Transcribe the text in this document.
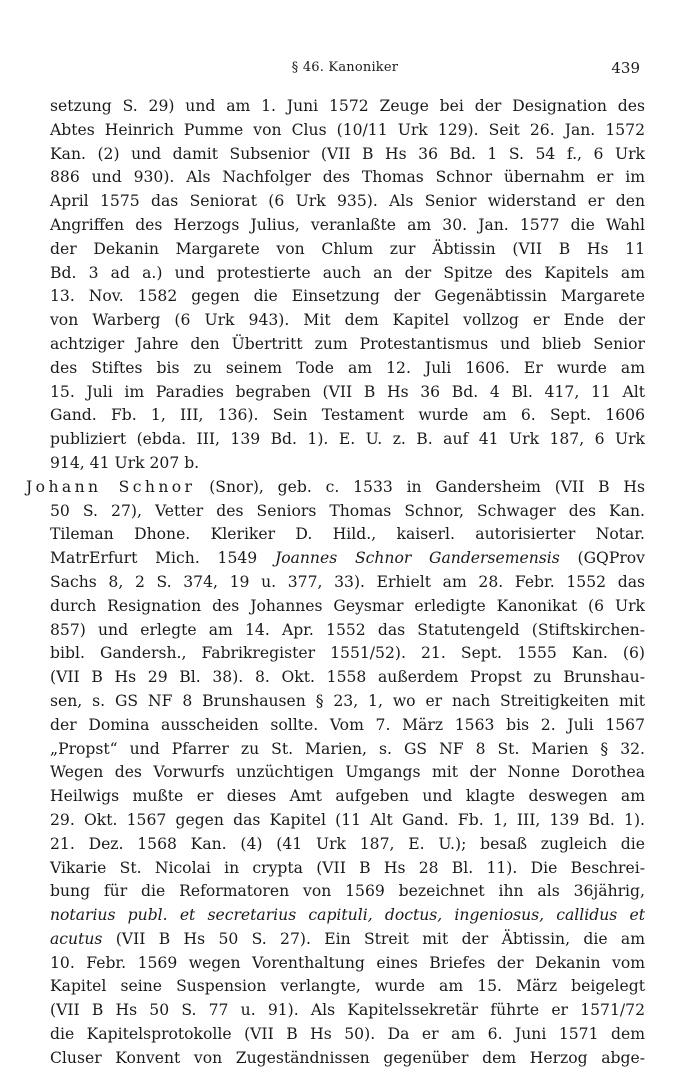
§ 46. Kanoniker	439
setzung S. 29) und am 1. Juni 1572 Zeuge bei der Designation des
Abtes Heinrich Pumme von Clus (10/11 Urk 129). Seit 26. Jan. 1572
Kan. (2) und damit Subsenior (VII B Hs 36 Bd. 1 S. 54 f., 6 Urk
886 und 930). Als Nachfolger des Thomas Schnor übernahm er im
April 1575 das Seniorat (6 Urk 935). Als Senior widerstand er den
Angriffen des Herzogs Julius, veranlaßte am 30. Jan. 1577 die Wahl
der Dekanin Margarete von Chlum zur Äbtissin (VII B Hs 11
Bd. 3 ad a.) und protestierte auch an der Spitze des Kapitels am
13. Nov. 1582 gegen die Einsetzung der Gegenäbtissin Margarete
von Warberg (6 Urk 943). Mit dem Kapitel vollzog er Ende der
achtziger Jahre den Übertritt zum Protestantismus und blieb Senior
des Stiftes bis zu seinem Tode am 12. Juli 1606. Er wurde am
15. Juli im Paradies begraben (VII B Hs 36 Bd. 4 Bl. 417, 11 Alt
Gand. Fb. 1, III, 136). Sein Testament wurde am 6. Sept. 1606
publiziert (ebda. III, 139 Bd. 1). E. U. z. B. auf 41 Urk 187, 6 Urk
914, 41 Urk 207 b.
Johann Schnor (Snor), geb. c. 1533 in Gandersheim (VII B Hs
50 S. 27), Vetter des Seniors Thomas Schnor, Schwager des Kan.
Tileman Dhone. Kleriker D. Hild., kaiserl. autorisierter Notar.
MatrErfurt Mich. 1549 Joannes Schnor Gandersemensis (GQProv
Sachs 8, 2 S. 374, 19 u. 377, 33). Erhielt am 28. Febr. 1552 das
durch Resignation des Johannes Geysmar erledigte Kanonikat (6 Urk
857) und erlegte am 14. Apr. 1552 das Statutengeld (Stiftskirchen-
bibl. Gandersh., Fabrikregister 1551/52). 21. Sept. 1555 Kan. (6)
(VII B Hs 29 Bl. 38). 8. Okt. 1558 außerdem Propst zu Brunshau-
sen, s. GS NF 8 Brunshausen § 23, 1, wo er nach Streitigkeiten mit
der Domina ausscheiden sollte. Vom 7. März 1563 bis 2. Juli 1567
„Propst“ und Pfarrer zu St. Marien, s. GS NF 8 St. Marien § 32.
Wegen des Vorwurfs unzüchtigen Umgangs mit der Nonne Dorothea
Heilwigs mußte er dieses Amt aufgeben und klagte deswegen am
29. Okt. 1567 gegen das Kapitel (11 Alt Gand. Fb. 1, III, 139 Bd. 1).
21. Dez. 1568 Kan. (4) (41 Urk 187, E. U.); besaß zugleich die
Vikarie St. Nicolai in crypta (VII B Hs 28 Bl. 11). Die Beschrei-
bung für die Reformatoren von 1569 bezeichnet ihn als 36jährig,
notarius publ. et secretarius capituli, doctus, ingeniosus, callidus et
acutus (VII B Hs 50 S. 27). Ein Streit mit der Äbtissin, die am
10. Febr. 1569 wegen Vorenthaltung eines Briefes der Dekanin vom
Kapitel seine Suspension verlangte, wurde am 15. März beigelegt
(VII B Hs 50 S. 77 u. 91). Als Kapitelssekretär führte er 1571/72
die Kapitelsprotokolle (VII B Hs 50). Da er am 6. Juni 1571 dem
Cluser Konvent von Zugeständnissen gegenüber dem Herzog abge-
